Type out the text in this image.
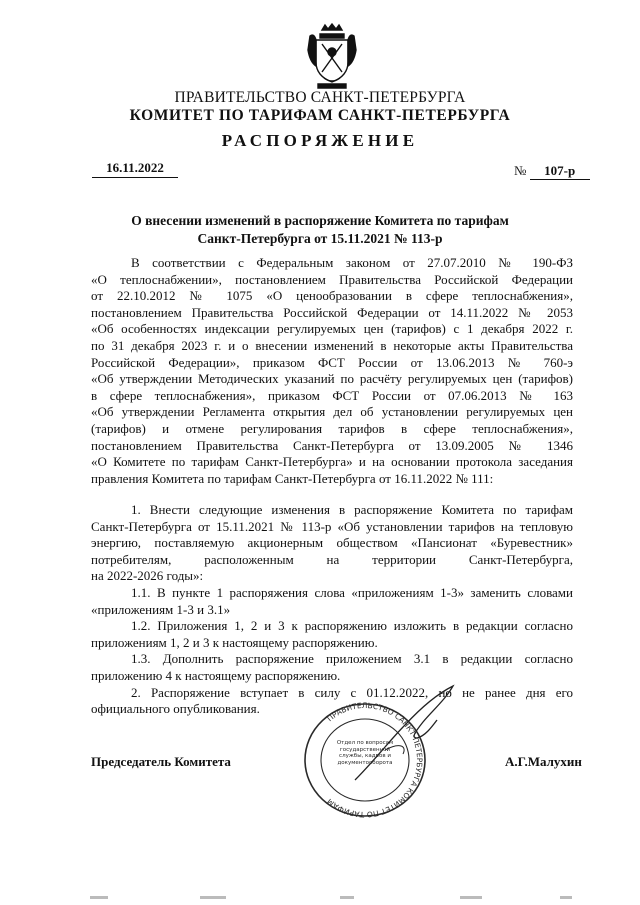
ПРАВИТЕЛЬСТВО САНКТ-ПЕТЕРБУРГА
КОМИТЕТ ПО ТАРИФАМ САНКТ-ПЕТЕРБУРГА
РАСПОРЯЖЕНИЕ
16.11.2022	№ 107-р
О внесении изменений в распоряжение Комитета по тарифам
Санкт-Петербурга от 15.11.2021 № 113-р
В соответствии с Федеральным законом от 27.07.2010 № 190-ФЗ
«О теплоснабжении», постановлением Правительства Российской Федерации
от 22.10.2012 № 1075 «О ценообразовании в сфере теплоснабжения»,
постановлением Правительства Российской Федерации от 14.11.2022 № 2053
«Об особенностях индексации регулируемых цен (тарифов) с 1 декабря 2022 г.
по 31 декабря 2023 г. и о внесении изменений в некоторые акты Правительства
Российской Федерации», приказом ФСТ России от 13.06.2013 № 760-э
«Об утверждении Методических указаний по расчёту регулируемых цен (тарифов)
в сфере теплоснабжения», приказом ФСТ России от 07.06.2013 № 163
«Об утверждении Регламента открытия дел об установлении регулируемых цен
(тарифов) и отмене регулирования тарифов в сфере теплоснабжения»,
постановлением Правительства Санкт-Петербурга от 13.09.2005 № 1346
«О Комитете по тарифам Санкт-Петербурга» и на основании протокола заседания
правления Комитета по тарифам Санкт-Петербурга от 16.11.2022 № 111:
1. Внести следующие изменения в распоряжение Комитета по тарифам
Санкт-Петербурга от 15.11.2021 № 113-р «Об установлении тарифов на тепловую
энергию, поставляемую акционерным обществом «Пансионат «Буревестник»
потребителям, расположенным на территории Санкт-Петербурга,
на 2022-2026 годы»:
1.1. В пункте 1 распоряжения слова «приложениям 1-3» заменить словами
«приложениям 1-3 и 3.1»
1.2. Приложения 1, 2 и 3 к распоряжению изложить в редакции согласно
приложениям 1, 2 и 3 к настоящему распоряжению.
1.3. Дополнить распоряжение приложением 3.1 в редакции согласно
приложению 4 к настоящему распоряжению.
2. Распоряжение вступает в силу с 01.12.2022, но не ранее дня его
официального опубликования.
Председатель Комитета	А.Г.Малухин
ПРАВИТЕЛЬСТВО САНКТ-ПЕТЕРБУРГА КОМИТЕТ ПО ТАРИФАМ
Отдел по вопросам государственной службы, кадров и документооборота
